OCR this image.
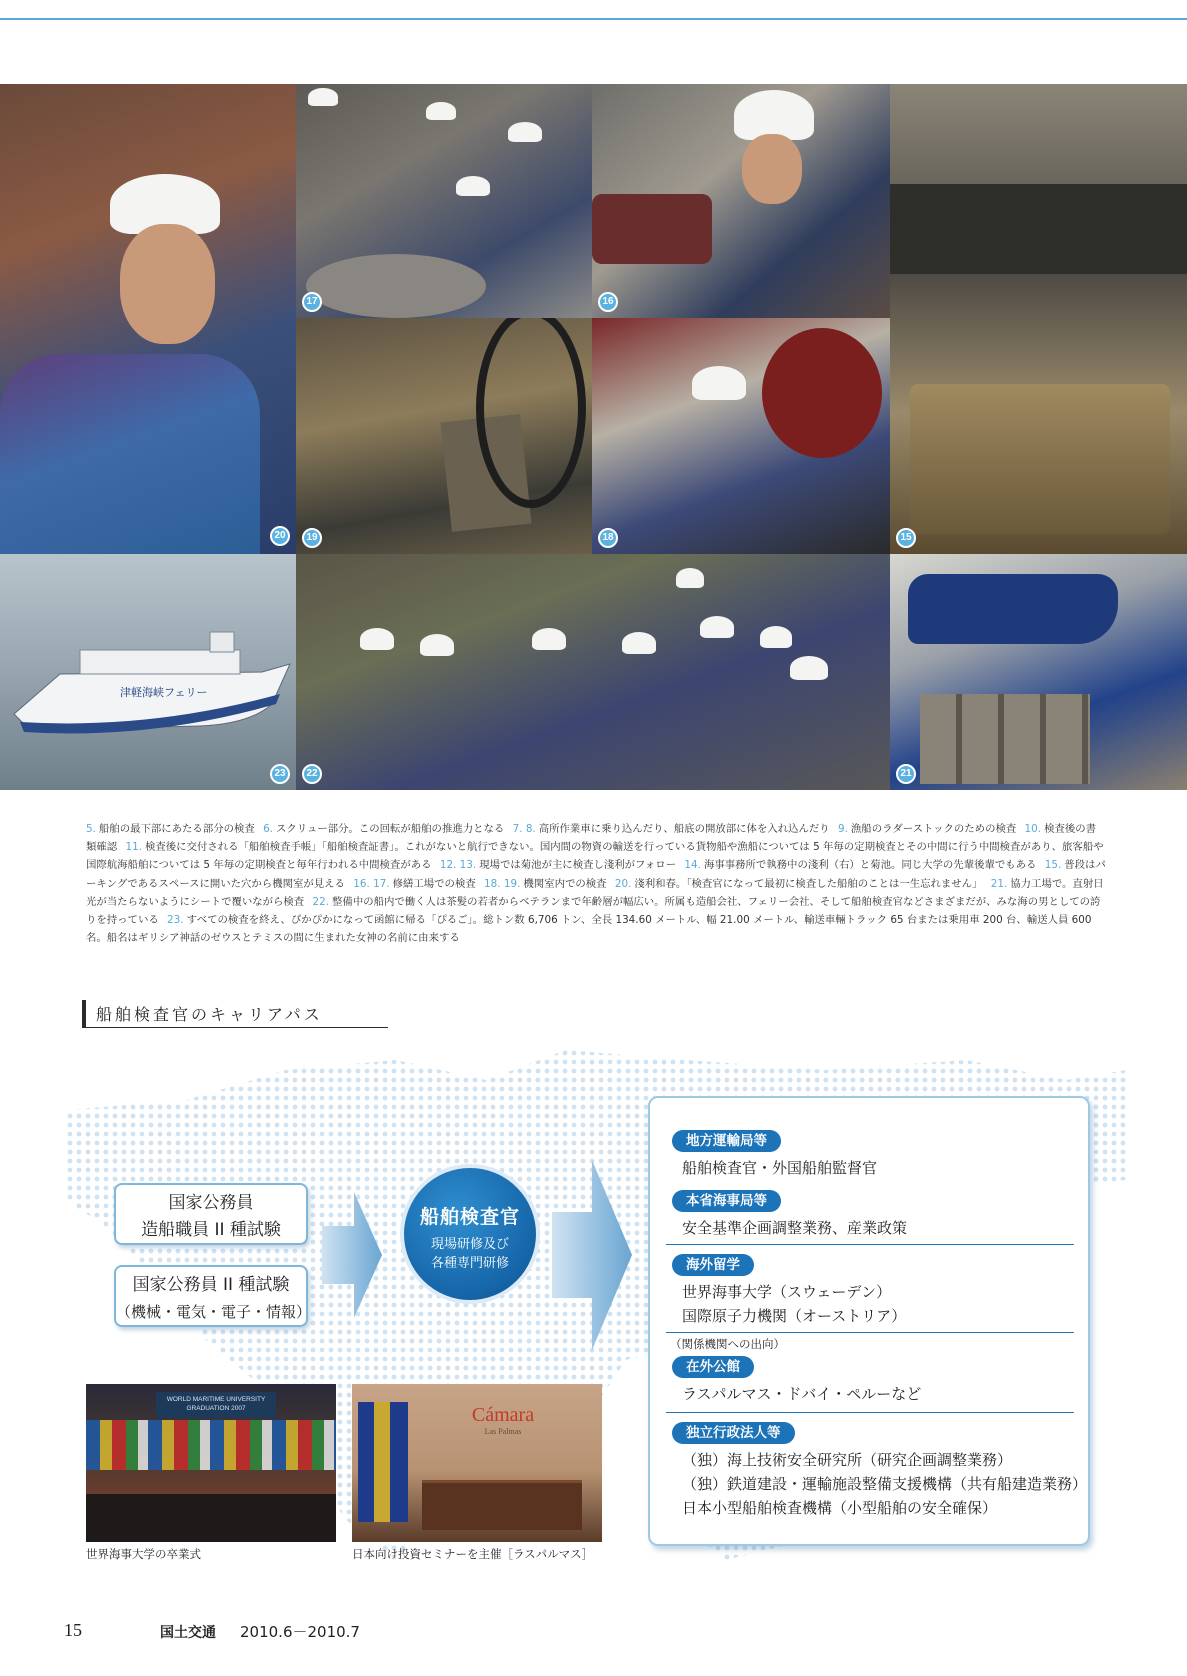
20
17	16
15
19	18
津軽海峡フェリー
23	22	21
5. 船舶の最下部にあたる部分の検査 6. スクリュー部分。この回転が船舶の推進力となる 7. 8. 高所作業車に乗り込んだり、船底の開放部に体を入れ込んだり 9. 漁船のラダーストックのための検査 10. 検査後の書類確認 11. 検査後に交付される「船舶検査手帳」「船舶検査証書」。これがないと航行できない。国内間の物資の輸送を行っている貨物船や漁船については 5 年毎の定期検査とその中間に行う中間検査があり、旅客船や国際航海船舶については 5 年毎の定期検査と毎年行われる中間検査がある 12. 13. 現場では菊池が主に検査し淺利がフォロー 14. 海事事務所で執務中の淺利（右）と菊池。同じ大学の先輩後輩でもある 15. 普段はパーキングであるスペースに開いた穴から機関室が見える 16. 17. 修繕工場での検査 18. 19. 機関室内での検査 20. 淺利和春。「検査官になって最初に検査した船舶のことは一生忘れません」 21. 協力工場で。直射日光が当たらないようにシートで覆いながら検査 22. 整備中の船内で働く人は茶髪の若者からベテランまで年齢層が幅広い。所属も造船会社、フェリー会社、そして船舶検査官などさまざまだが、みな海の男としての誇りを持っている 23. すべての検査を終え、ぴかぴかになって函館に帰る「ぴるご」。総トン数 6,706 トン、全長 134.60 メートル、幅 21.00 メートル、輸送車輛トラック 65 台または乗用車 200 台、輸送人員 600 名。船名はギリシア神話のゼウスとテミスの間に生まれた女神の名前に由来する
船舶検査官のキャリアパス
国家公務員
造船職員 II 種試験
国家公務員 II 種試験
（機械・電気・電子・情報）
船舶検査官
現場研修及び
各種専門研修
地方運輸局等
船舶検査官・外国船舶監督官
本省海事局等
安全基準企画調整業務、産業政策
海外留学
世界海事大学（スウェーデン）
国際原子力機関（オーストリア）
（関係機関への出向）
在外公館
ラスパルマス・ドバイ・ペルーなど
独立行政法人等
（独）海上技術安全研究所（研究企画調整業務）
（独）鉄道建設・運輸施設整備支援機構（共有船建造業務）
日本小型船舶検査機構（小型船舶の安全確保）
WORLD MARITIME UNIVERSITY
GRADUATION 2007
世界海事大学の卒業式
Cámara
Las Palmas
日本向け投資セミナーを主催［ラスパルマス］
15	国土交通 2010.6－2010.7
